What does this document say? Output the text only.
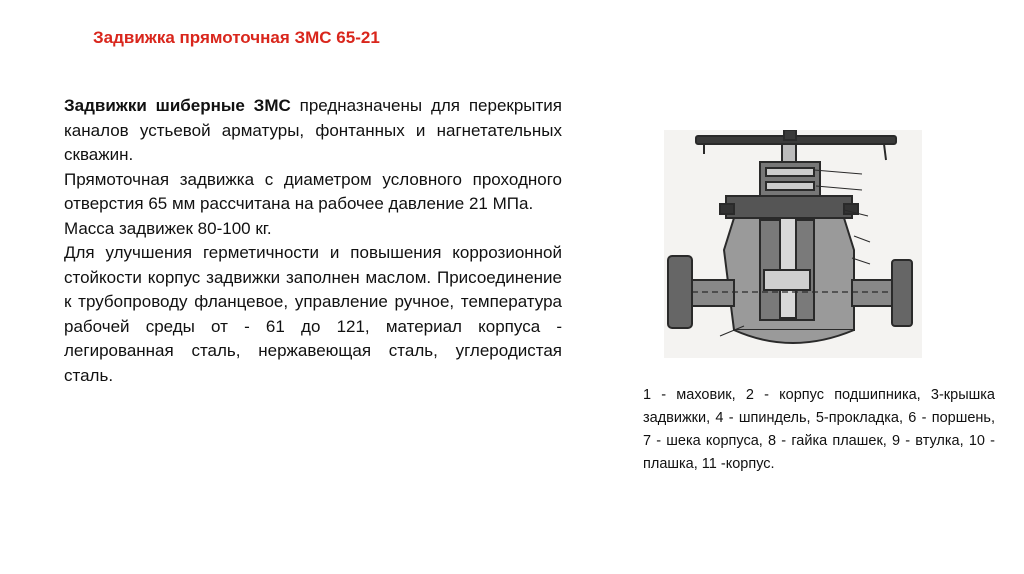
Задвижка прямоточная ЗМС 65-21

Задвижки шиберные ЗМС предназначены для перекрытия каналов устьевой арматуры, фонтанных и нагнетательных скважин.

Прямоточная задвижка с диаметром условного проходного отверстия 65 мм рассчитана на рабочее давление 21 МПа.

Масса задвижек 80-100 кг.

Для улучшения герметичности и повышения коррозионной стойкости корпус задвижки заполнен маслом. Присоединение к трубопроводу фланцевое, управление ручное, температура рабочей среды от - 61 до 121, материал корпуса - легированная сталь, нержавеющая сталь, углеродистая сталь.

1 - маховик, 2 - корпус подшипника, 3-крышка задвижки, 4 - шпиндель, 5-прокладка, 6 - поршень, 7 - шека корпуса, 8 - гайка плашек, 9 - втулка, 10 - плашка, 11 -корпус.
